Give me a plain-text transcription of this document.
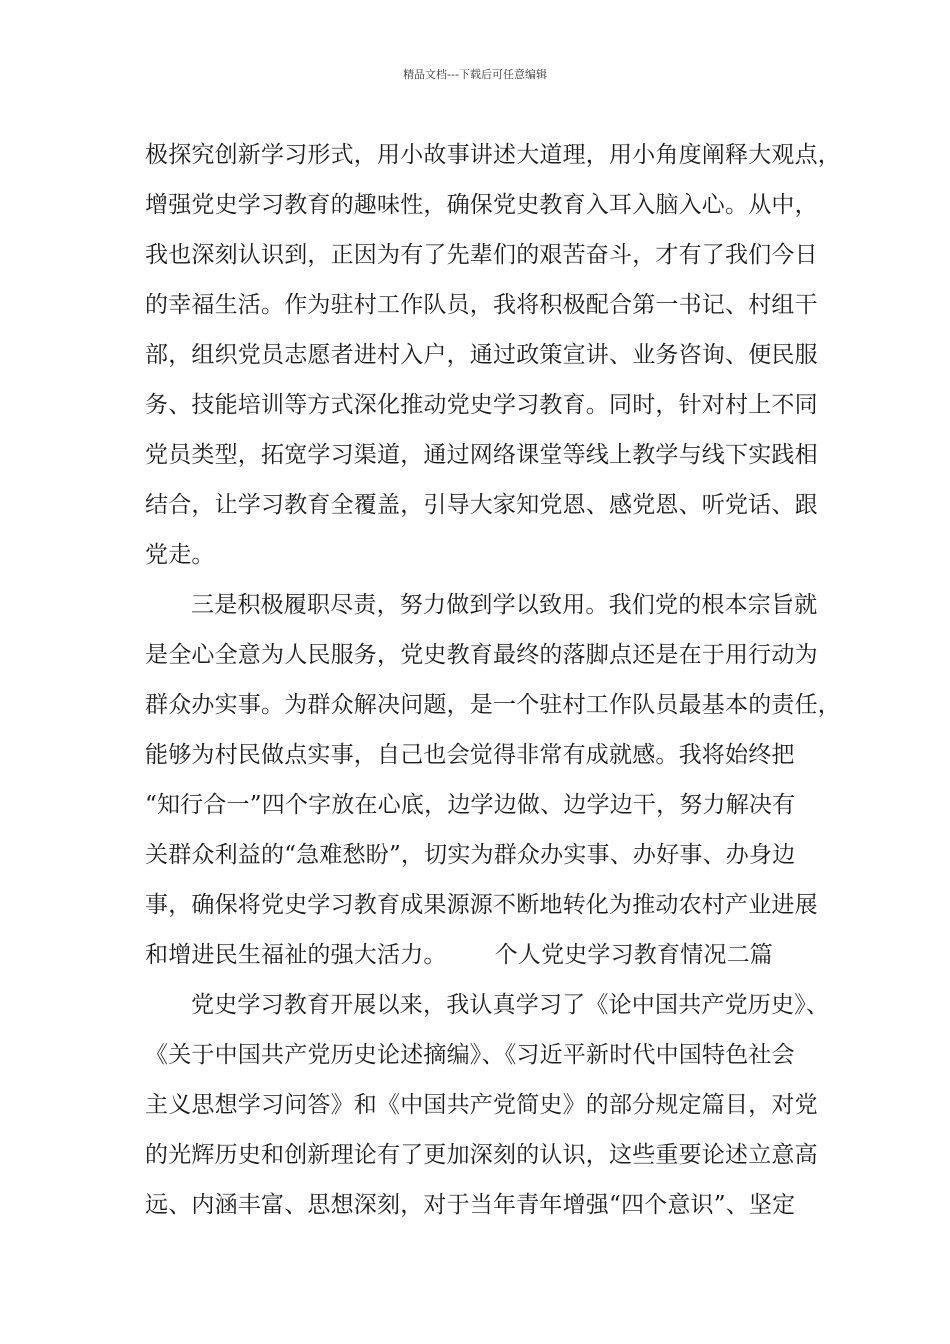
精品文档---下载后可任意编辑
极探究创新学习形式，用小故事讲述大道理，用小角度阐释大观点，
增强党史学习教育的趣味性，确保党史教育入耳入脑入心。从中，
我也深刻认识到，正因为有了先辈们的艰苦奋斗，才有了我们今日
的幸福生活。作为驻村工作队员，我将积极配合第一书记、村组干
部，组织党员志愿者进村入户，通过政策宣讲、业务咨询、便民服
务、技能培训等方式深化推动党史学习教育。同时，针对村上不同
党员类型，拓宽学习渠道，通过网络课堂等线上教学与线下实践相
结合，让学习教育全覆盖，引导大家知党恩、感党恩、听党话、跟
党走。
三是积极履职尽责，努力做到学以致用。我们党的根本宗旨就
是全心全意为人民服务，党史教育最终的落脚点还是在于用行动为
群众办实事。为群众解决问题，是一个驻村工作队员最基本的责任，
能够为村民做点实事，自己也会觉得非常有成就感。我将始终把
“知行合一”四个字放在心底，边学边做、边学边干，努力解决有
关群众利益的“急难愁盼”，切实为群众办实事、办好事、办身边
事，确保将党史学习教育成果源源不断地转化为推动农村产业进展
和增进民生福祉的强大活力。 个人党史学习教育情况二篇
党史学习教育开展以来，我认真学习了《论中国共产党历史》、
《关于中国共产党历史论述摘编》、《习近平新时代中国特色社会
主义思想学习问答》和《中国共产党简史》的部分规定篇目，对党
的光辉历史和创新理论有了更加深刻的认识，这些重要论述立意高
远、内涵丰富、思想深刻，对于当年青年增强“四个意识”、坚定
